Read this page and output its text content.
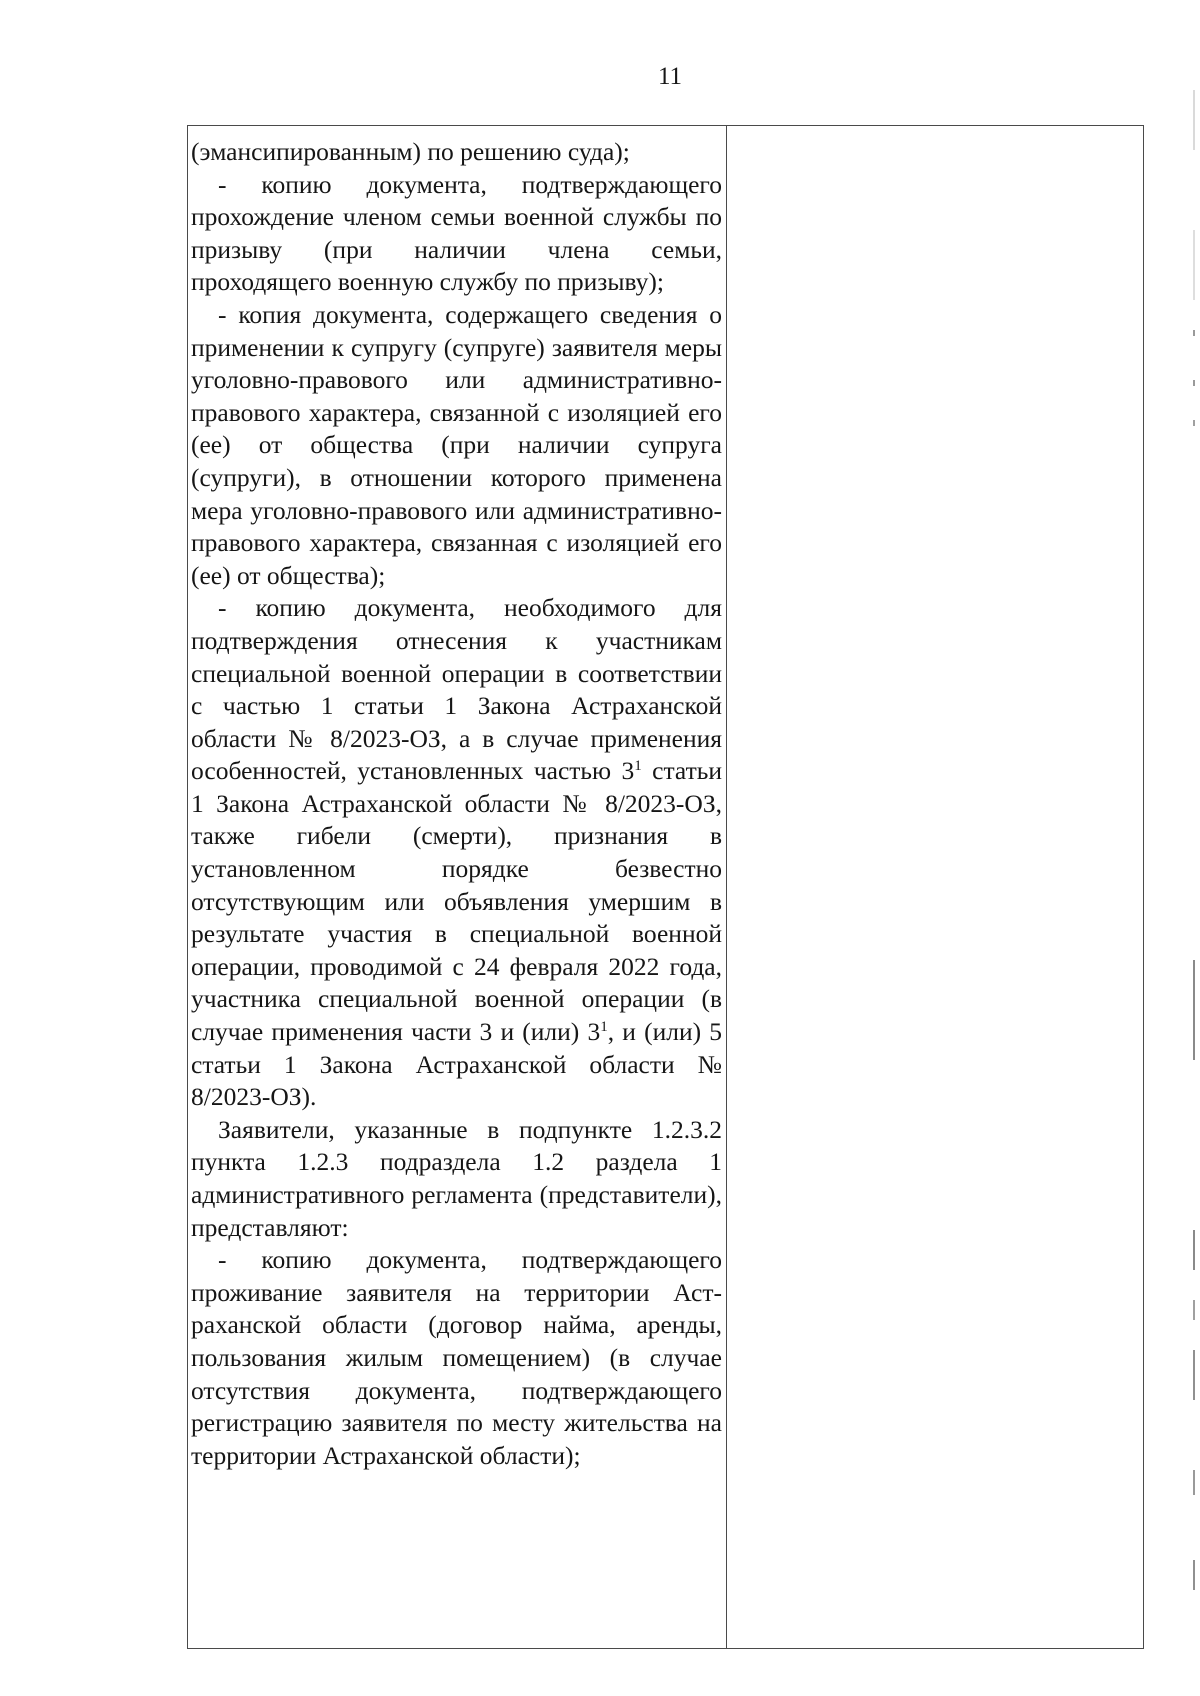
11

(эмансипированным) по решению суда);

- копию документа, подтверждающего прохождение членом семьи военной службы по призыву (при наличии члена семьи, проходящего военную службу по призыву);

- копия документа, содержащего сведения о применении к супругу (супруге) заявителя меры уголовно-правового или административно-правового характера, связанной с изоляцией его (ее) от общества (при наличии супруга (супруги), в отношении которого применена мера уголовно-правового или административно-правового характера, связанная с изоляцией его (ее) от общества);

- копию документа, необходимого для подтверждения отнесения к участникам специальной военной операции в соответствии с частью 1 статьи 1 Закона Астраханской области № 8/2023-ОЗ, а в случае применения особенностей, установленных частью $3^1$ статьи 1 Закона Астраханской области № 8/2023-ОЗ, также гибели (смерти), признания в установленном порядке безвестно отсутствующим или объявления умершим в результате участия в специальной военной операции, проводимой с 24 февраля 2022 года, участника специальной военной операции (в случае применения части 3 и (или) $3^1$, и (или) 5 статьи 1 Закона Астраханской области № 8/2023-ОЗ).

Заявители, указанные в подпункте 1.2.3.2 пункта 1.2.3 подраздела 1.2 раздела 1 административного регламента (представители), представляют:

- копию документа, подтверждающего проживание заявителя на территории Астраханской области (договор найма, аренды, пользования жилым помещением) (в случае отсутствия документа, подтверждающего регистрацию заявителя по месту жительства на территории Астраханской области);
